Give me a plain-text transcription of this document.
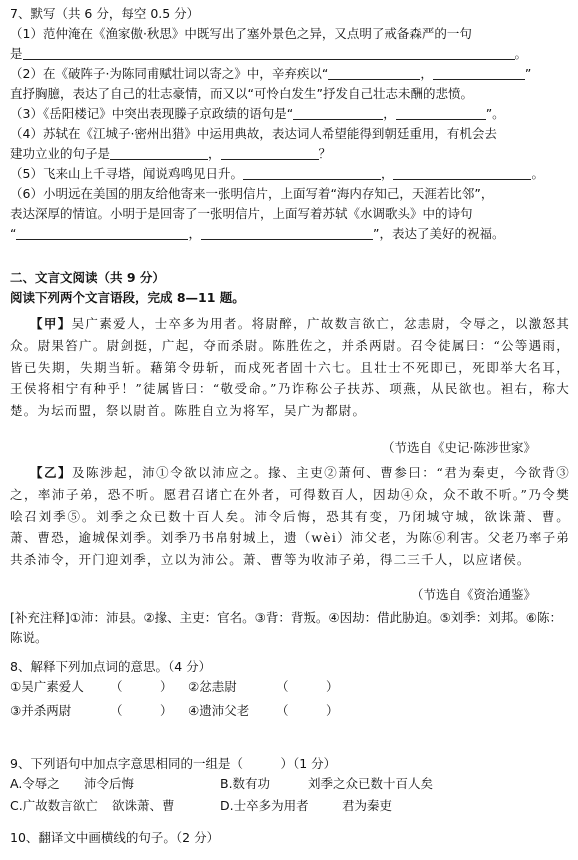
7、默写（共 6 分，每空 0.5 分）
（1）范仲淹在《渔家傲·秋思》中既写出了塞外景色之异，又点明了戒备森严的一句
是	。
（2）在《破阵子·为陈同甫赋壮词以寄之》中，辛弃疾以“	，	”
直抒胸臆，表达了自己的壮志豪情，而又以“可怜白发生”抒发自己壮志未酬的悲愤。
（3）《岳阳楼记》中突出表现滕子京政绩的语句是“	，	”。
（4）苏轼在《江城子·密州出猎》中运用典故，表达词人希望能得到朝廷重用，有机会去
建功立业的句子是	，	？
（5）飞来山上千寻塔，闻说鸡鸣见日升。	，	。
（6）小明远在美国的朋友给他寄来一张明信片，上面写着“海内存知己，天涯若比邻”，
表达深厚的情谊。小明于是回寄了一张明信片，上面写着苏轼《水调歌头》中的诗句
“	，	”，表达了美好的祝福。
二、文言文阅读（共 9 分）
阅读下列两个文言语段，完成 8—11 题。

【甲】吴广素爱人，士卒多为用者。将尉醉，广故数言欲亡，忿恚尉，令辱之，以激怒其众。尉果笞广。尉剑挺，广起，夺而杀尉。陈胜佐之，并杀两尉。召令徒属曰：“公等遇雨，皆已失期，失期当斩。藉第令毋斩，而戍死者固十六七。且壮士不死即已，死即举大名耳，王侯将相宁有种乎！”徒属皆曰：“敬受命。”乃诈称公子扶苏、项燕，从民欲也。袒右，称大楚。为坛而盟，祭以尉首。陈胜自立为将军，吴广为都尉。

（节选自《史记·陈涉世家》

【乙】及陈涉起，沛①令欲以沛应之。掾、主吏②萧何、曹参曰：“君为秦吏，今欲背③之，率沛子弟，恐不听。愿君召诸亡在外者，可得数百人，因劫④众，众不敢不听。”乃令樊哙召刘季⑤。刘季之众已数十百人矣。沛令后悔，恐其有变，乃闭城守城，欲诛萧、曹。萧、曹恐，逾城保刘季。刘季乃书帛射城上，遗（wèi）沛父老，为陈⑥利害。父老乃率子弟共杀沛令，开门迎刘季，立以为沛公。萧、曹等为收沛子弟，得二三千人，以应诸侯。

（节选自《资治通鉴》
[补充注释]①沛：沛县。②掾、主吏：官名。③背：背叛。④因劫：借此胁迫。⑤刘季：刘邦。⑥陈：陈说。
8、解释下列加点词的意思。（4 分）
①吴广素爱人 （　　　） ②忿恚尉	（　　　）
③并杀两尉	（　　　） ④遗沛父老 （　　　）
9、下列语句中加点字意思相同的一组是（　　　）（1 分）
A.令辱之 沛令后悔	B.数有功	刘季之众已数十百人矣
C.广故数言欲亡 欲诛萧、曹	D.士卒多为用者	君为秦吏
10、翻译文中画横线的句子。（2 分）
